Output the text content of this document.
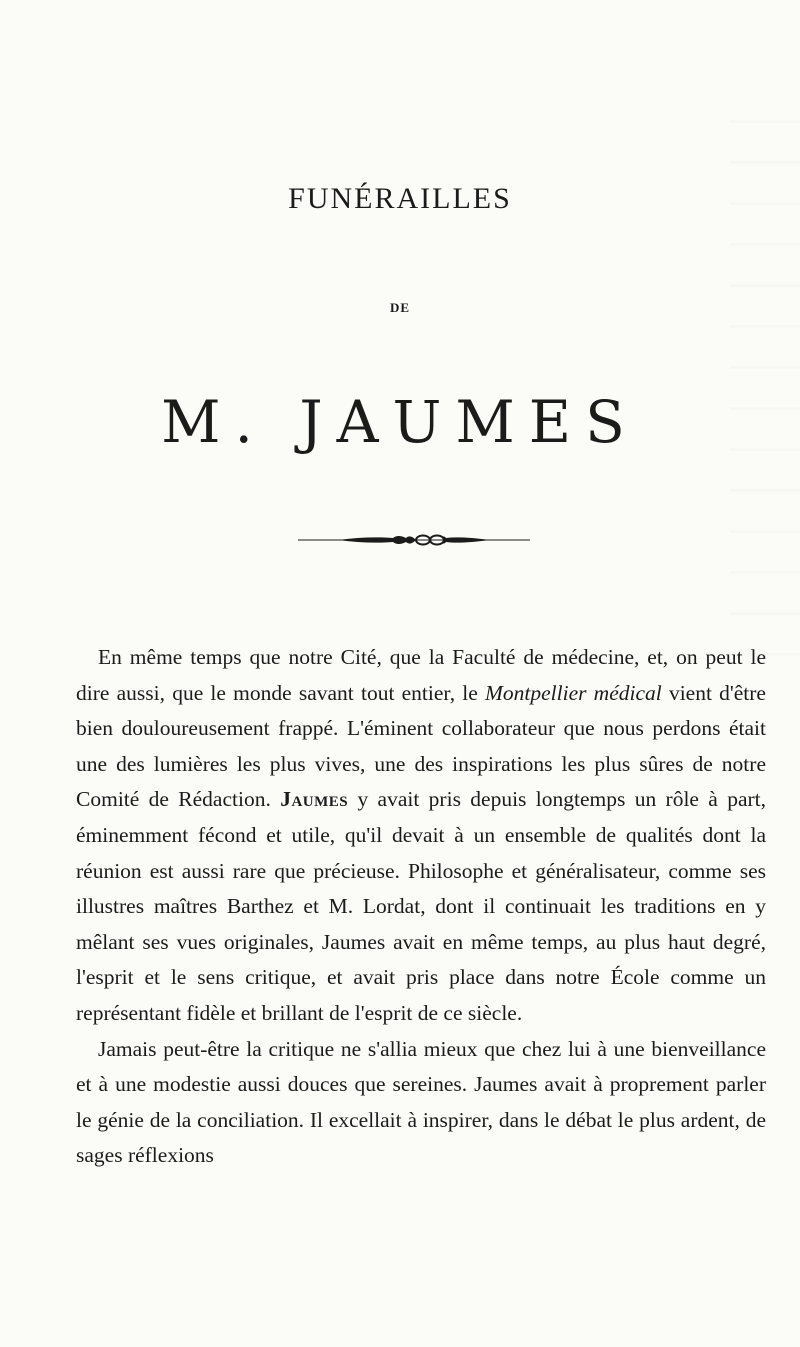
FUNÉRAILLES
DE
M. JAUMES

En même temps que notre Cité, que la Faculté de médecine, et, on peut le dire aussi, que le monde savant tout entier, le Montpellier médical vient d'être bien douloureusement frappé. L'éminent collaborateur que nous perdons était une des lumières les plus vives, une des inspirations les plus sûres de notre Comité de Rédaction. Jaumes y avait pris depuis longtemps un rôle à part, éminemment fécond et utile, qu'il devait à un ensemble de qualités dont la réunion est aussi rare que précieuse. Philosophe et généralisateur, comme ses illustres maîtres Barthez et M. Lordat, dont il continuait les traditions en y mêlant ses vues originales, Jaumes avait en même temps, au plus haut degré, l'esprit et le sens critique, et avait pris place dans notre École comme un représentant fidèle et brillant de l'esprit de ce siècle.

Jamais peut-être la critique ne s'allia mieux que chez lui à une bienveillance et à une modestie aussi douces que sereines. Jaumes avait à proprement parler le génie de la conciliation. Il excellait à inspirer, dans le débat le plus ardent, de sages réflexions
